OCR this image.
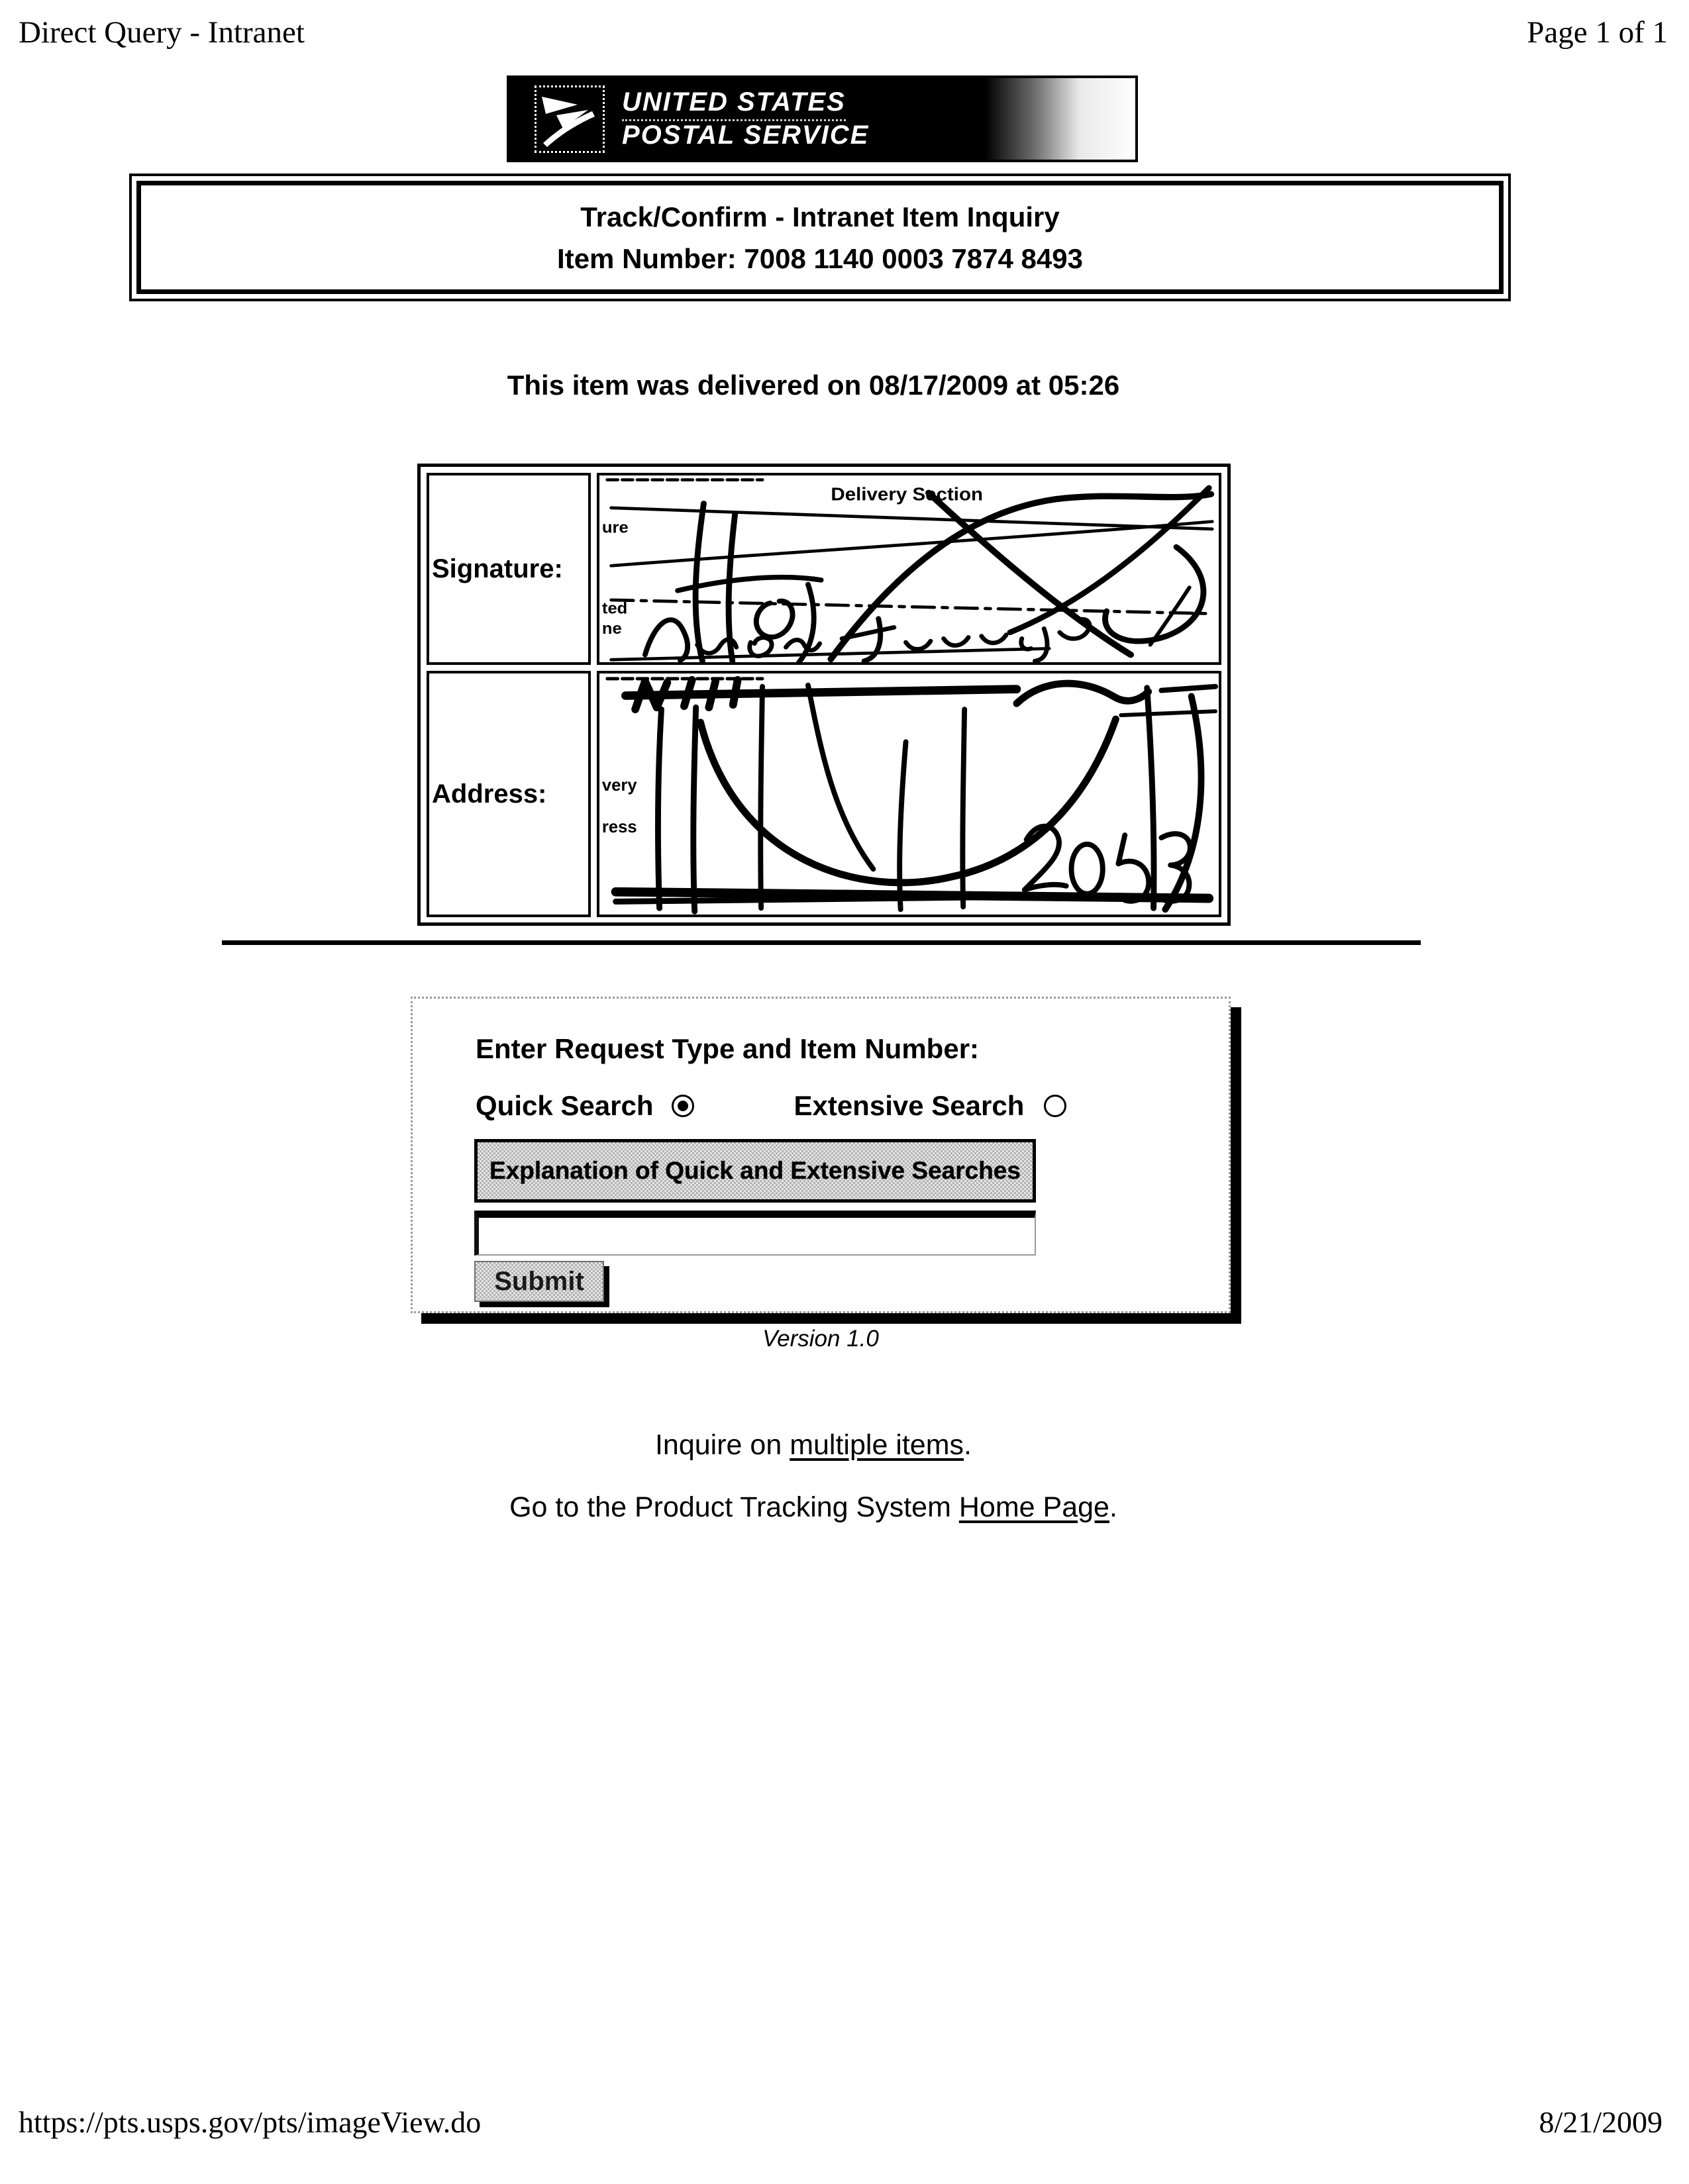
Direct Query - Intranet	Page 1 of 1
UNITED STATES
POSTAL SERVICE
Track/Confirm - Intranet Item Inquiry
Item Number: 7008 1140 0003 7874 8493
This item was delivered on 08/17/2009 at 05:26
Signature:
Delivery Section
ure
ted
ne
Address:	very
ress
Enter Request Type and Item Number:
Quick Search	Extensive Search
Explanation of Quick and Extensive Searches
Submit
Version 1.0
Inquire on multiple items.
Go to the Product Tracking System Home Page.
https://pts.usps.gov/pts/imageView.do	8/21/2009
